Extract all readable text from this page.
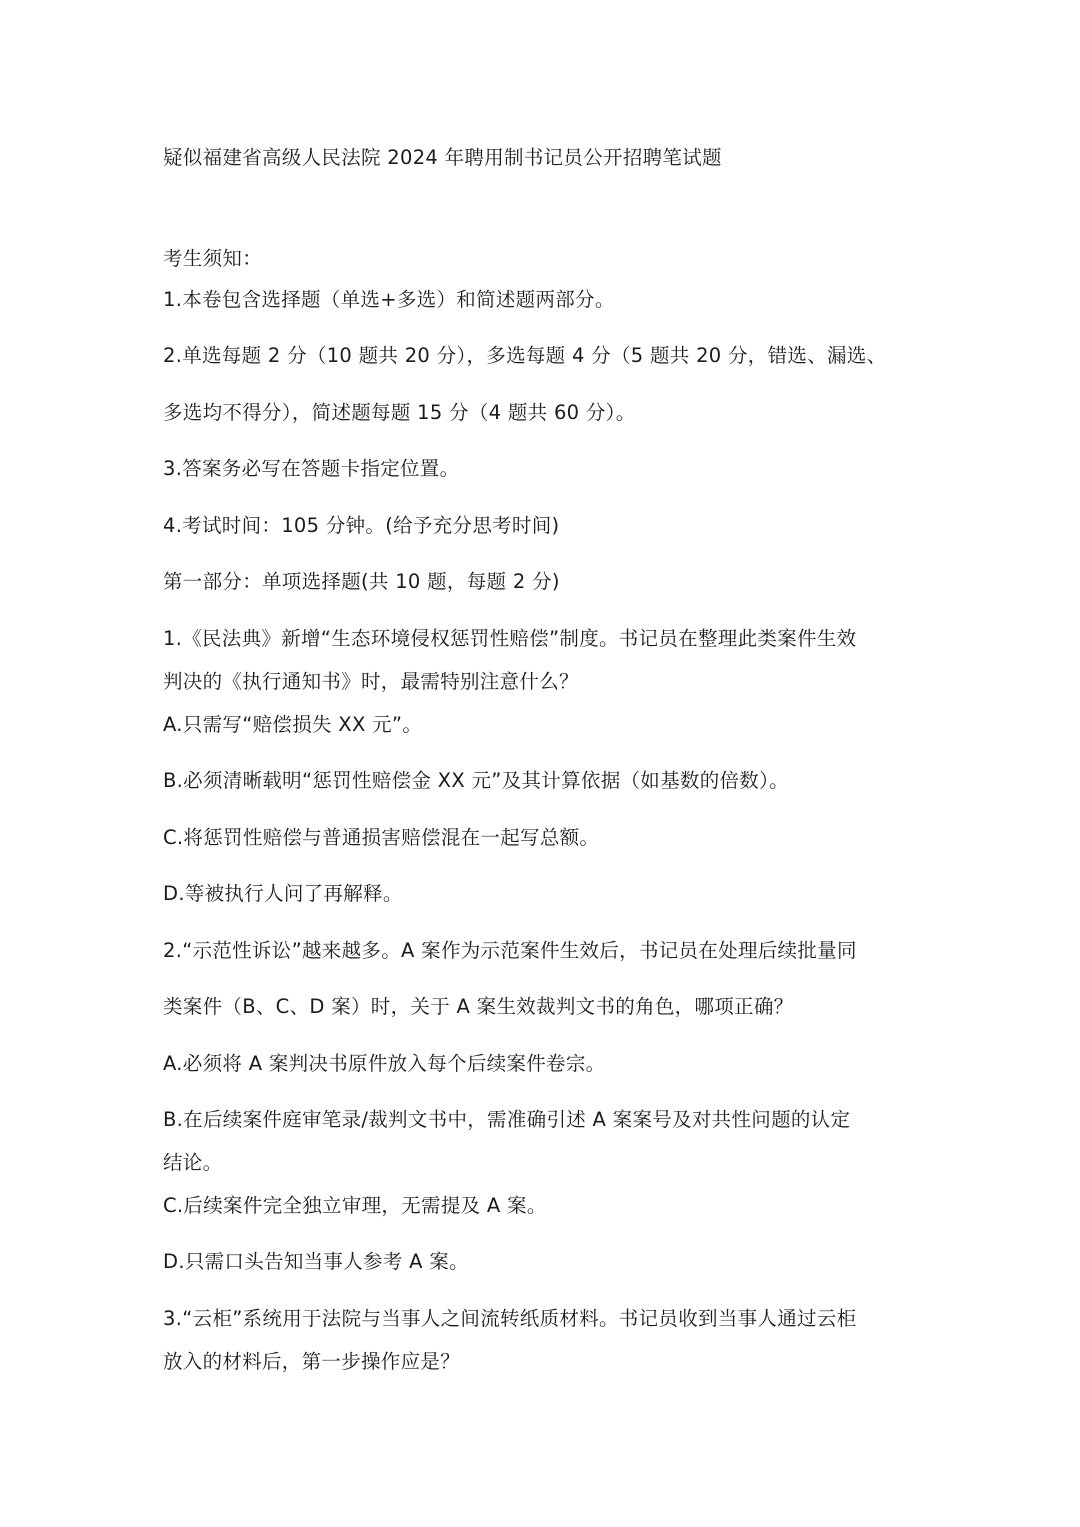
疑似福建省高级人民法院 2024 年聘用制书记员公开招聘笔试题
考生须知：
1.本卷包含选择题（单选+多选）和简述题两部分。
2.单选每题 2 分（10 题共 20 分），多选每题 4 分（5 题共 20 分，错选、漏选、
多选均不得分），简述题每题 15 分（4 题共 60 分）。
3.答案务必写在答题卡指定位置。
4.考试时间：105 分钟。(给予充分思考时间)
第一部分：单项选择题(共 10 题，每题 2 分)
1.《民法典》新增“生态环境侵权惩罚性赔偿”制度。书记员在整理此类案件生效
判决的《执行通知书》时，最需特别注意什么？
A.只需写“赔偿损失 XX 元”。
B.必须清晰载明“惩罚性赔偿金 XX 元”及其计算依据（如基数的倍数）。
C.将惩罚性赔偿与普通损害赔偿混在一起写总额。
D.等被执行人问了再解释。
2.“示范性诉讼”越来越多。A 案作为示范案件生效后，书记员在处理后续批量同
类案件（B、C、D 案）时，关于 A 案生效裁判文书的角色，哪项正确？
A.必须将 A 案判决书原件放入每个后续案件卷宗。
B.在后续案件庭审笔录/裁判文书中，需准确引述 A 案案号及对共性问题的认定
结论。
C.后续案件完全独立审理，无需提及 A 案。
D.只需口头告知当事人参考 A 案。
3.“云柜”系统用于法院与当事人之间流转纸质材料。书记员收到当事人通过云柜
放入的材料后，第一步操作应是？
